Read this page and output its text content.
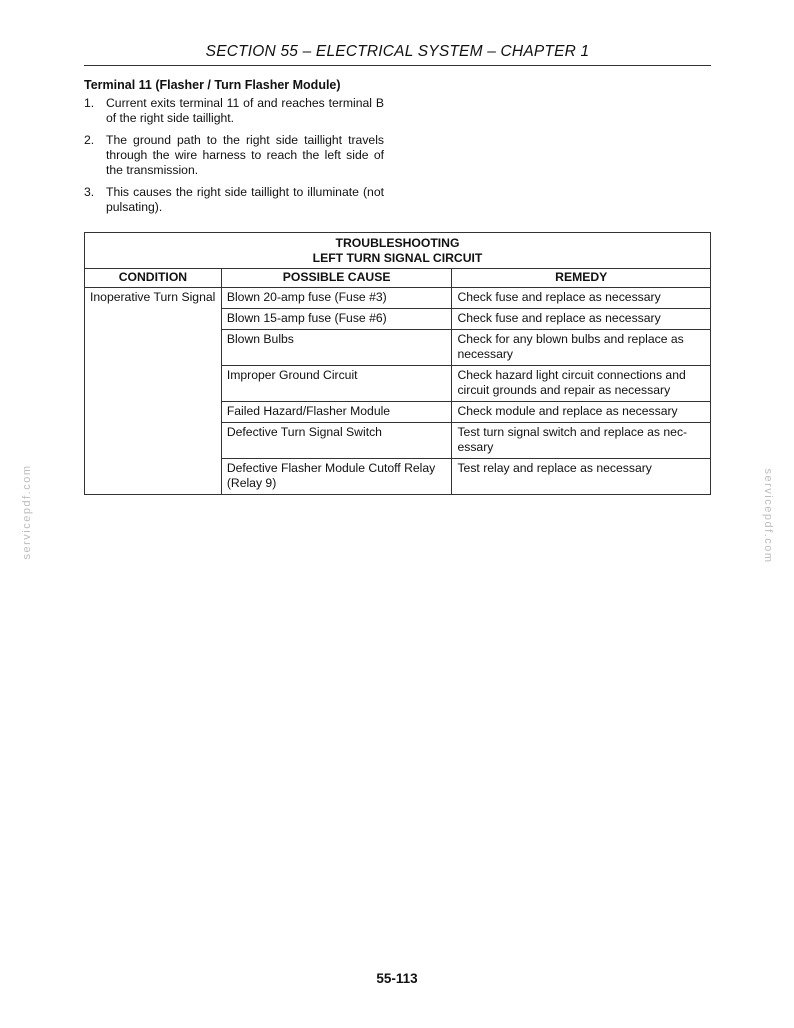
SECTION 55 – ELECTRICAL SYSTEM – CHAPTER 1
Terminal 11 (Flasher / Turn Flasher Module)
1. Current exits terminal 11 of and reaches terminal B of the right side taillight.
2. The ground path to the right side taillight travels through the wire harness to reach the left side of the transmission.
3. This causes the right side taillight to illuminate (not pulsating).
TROUBLESHOOTING
LEFT TURN SIGNAL CIRCUIT		

CONDITION	POSSIBLE CAUSE	REMEDY
Inoperative Turn Signal	Blown 20-amp fuse (Fuse #3)	Check fuse and replace as necessary
	Blown 15-amp fuse (Fuse #6)	Check fuse and replace as necessary
	Blown Bulbs	Check for any blown bulbs and replace as necessary
	Improper Ground Circuit	Check hazard light circuit connections and circuit grounds and repair as necessary
	Failed Hazard/Flasher Module	Check module and replace as necessary
	Defective Turn Signal Switch	Test turn signal switch and replace as nec-essary
	Defective Flasher Module Cutoff Relay (Relay 9)	Test relay and replace as necessary
servicepdf.com	servicepdf.com
55-113
